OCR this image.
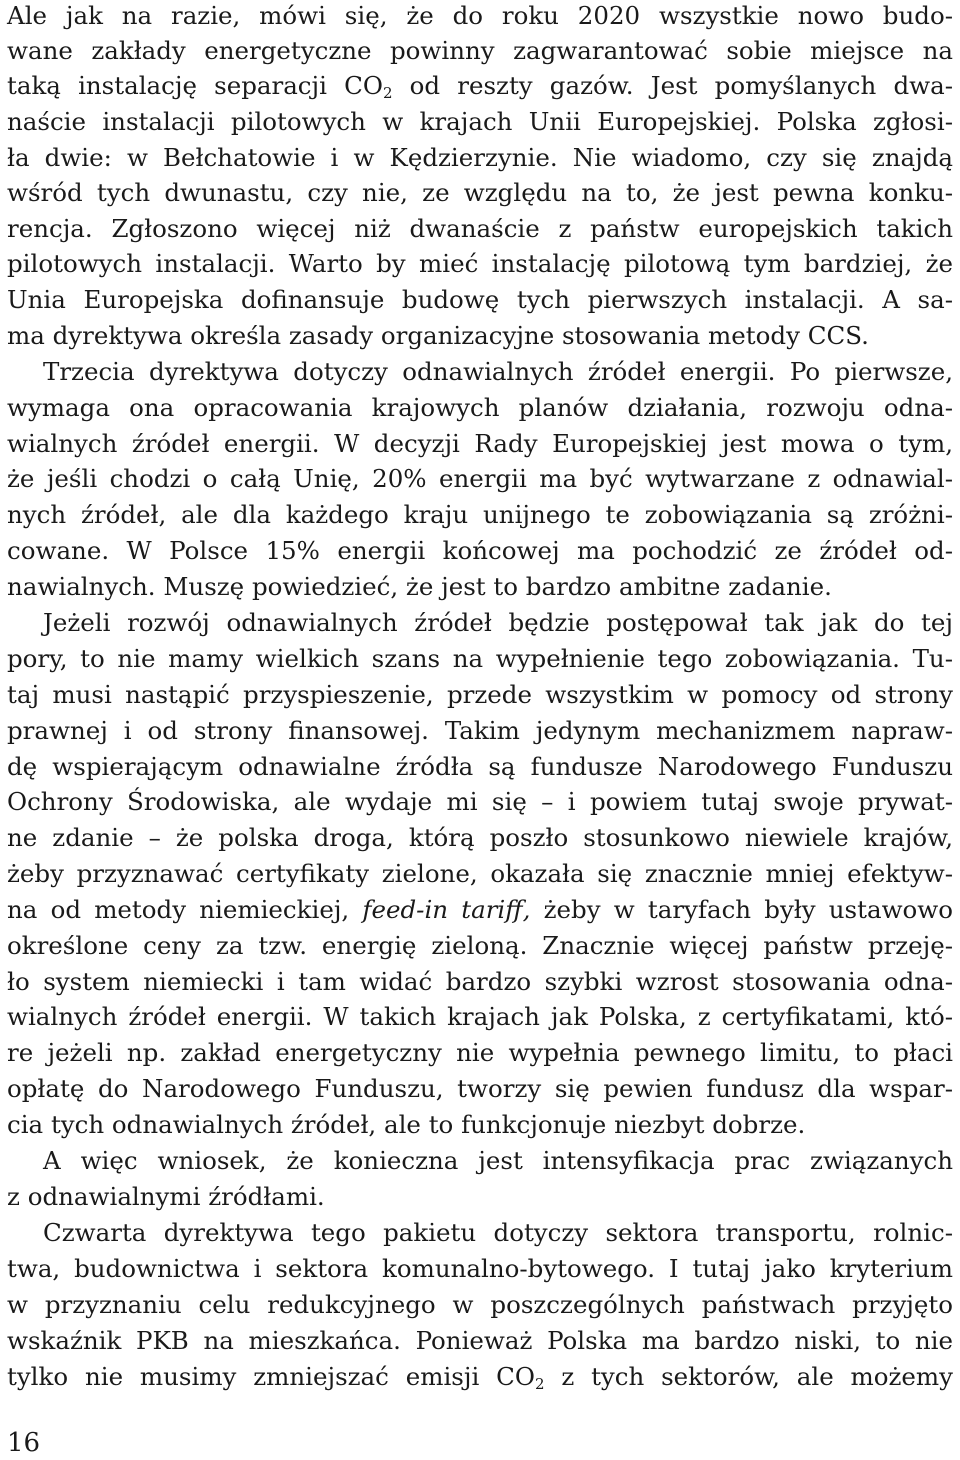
Ale jak na razie, mówi się, że do roku 2020 wszystkie nowo budo-
wane zakłady energetyczne powinny zagwarantować sobie miejsce na
taką instalację separacji $CO_2$ od reszty gazów. Jest pomyślanych dwa-
naście instalacji pilotowych w krajach Unii Europejskiej. Polska zgłosi-
ła dwie: w Bełchatowie i w Kędzierzynie. Nie wiadomo, czy się znajdą
wśród tych dwunastu, czy nie, ze względu na to, że jest pewna konku-
rencja. Zgłoszono więcej niż dwanaście z państw europejskich takich
pilotowych instalacji. Warto by mieć instalację pilotową tym bardziej, że
Unia Europejska dofinansuje budowę tych pierwszych instalacji. A sa-
ma dyrektywa określa zasady organizacyjne stosowania metody CCS.
Trzecia dyrektywa dotyczy odnawialnych źródeł energii. Po pierwsze,
wymaga ona opracowania krajowych planów działania, rozwoju odna-
wialnych źródeł energii. W decyzji Rady Europejskiej jest mowa o tym,
że jeśli chodzi o całą Unię, 20% energii ma być wytwarzane z odnawial-
nych źródeł, ale dla każdego kraju unijnego te zobowiązania są zróżni-
cowane. W Polsce 15% energii końcowej ma pochodzić ze źródeł od-
nawialnych. Muszę powiedzieć, że jest to bardzo ambitne zadanie.
Jeżeli rozwój odnawialnych źródeł będzie postępował tak jak do tej
pory, to nie mamy wielkich szans na wypełnienie tego zobowiązania. Tu-
taj musi nastąpić przyspieszenie, przede wszystkim w pomocy od strony
prawnej i od strony finansowej. Takim jedynym mechanizmem napraw-
dę wspierającym odnawialne źródła są fundusze Narodowego Funduszu
Ochrony Środowiska, ale wydaje mi się – i powiem tutaj swoje prywat-
ne zdanie – że polska droga, którą poszło stosunkowo niewiele krajów,
żeby przyznawać certyfikaty zielone, okazała się znacznie mniej efektyw-
na od metody niemieckiej, feed-in tariff, żeby w taryfach były ustawowo
określone ceny za tzw. energię zieloną. Znacznie więcej państw przeję-
ło system niemiecki i tam widać bardzo szybki wzrost stosowania odna-
wialnych źródeł energii. W takich krajach jak Polska, z certyfikatami, któ-
re jeżeli np. zakład energetyczny nie wypełnia pewnego limitu, to płaci
opłatę do Narodowego Funduszu, tworzy się pewien fundusz dla wspar-
cia tych odnawialnych źródeł, ale to funkcjonuje niezbyt dobrze.
A więc wniosek, że konieczna jest intensyfikacja prac związanych
z odnawialnymi źródłami.
Czwarta dyrektywa tego pakietu dotyczy sektora transportu, rolnic-
twa, budownictwa i sektora komunalno-bytowego. I tutaj jako kryterium
w przyznaniu celu redukcyjnego w poszczególnych państwach przyjęto
wskaźnik PKB na mieszkańca. Ponieważ Polska ma bardzo niski, to nie
tylko nie musimy zmniejszać emisji $CO_2$ z tych sektorów, ale możemy
16
